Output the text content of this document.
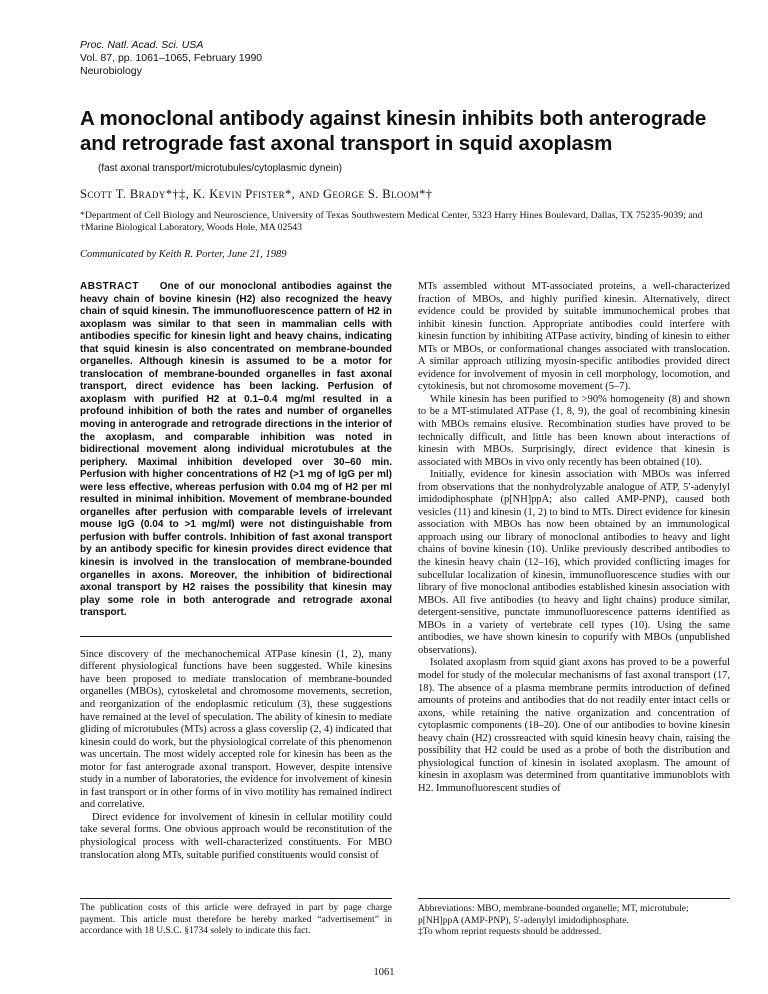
Proc. Natl. Acad. Sci. USA
Vol. 87, pp. 1061–1065, February 1990
Neurobiology
A monoclonal antibody against kinesin inhibits both anterograde and retrograde fast axonal transport in squid axoplasm
(fast axonal transport/microtubules/cytoplasmic dynein)
Scott T. Brady*†‡, K. Kevin Pfister*, and George S. Bloom*†
*Department of Cell Biology and Neuroscience, University of Texas Southwestern Medical Center, 5323 Harry Hines Boulevard, Dallas, TX 75235-9039; and †Marine Biological Laboratory, Woods Hole, MA 02543
Communicated by Keith R. Porter, June 21, 1989

ABSTRACT One of our monoclonal antibodies against the heavy chain of bovine kinesin (H2) also recognized the heavy chain of squid kinesin. The immunofluorescence pattern of H2 in axoplasm was similar to that seen in mammalian cells with antibodies specific for kinesin light and heavy chains, indicating that squid kinesin is also concentrated on membrane-bounded organelles. Although kinesin is assumed to be a motor for translocation of membrane-bounded organelles in fast axonal transport, direct evidence has been lacking. Perfusion of axoplasm with purified H2 at 0.1–0.4 mg/ml resulted in a profound inhibition of both the rates and number of organelles moving in anterograde and retrograde directions in the interior of the axoplasm, and comparable inhibition was noted in bidirectional movement along individual microtubules at the periphery. Maximal inhibition developed over 30–60 min. Perfusion with higher concentrations of H2 (>1 mg of IgG per ml) were less effective, whereas perfusion with 0.04 mg of H2 per ml resulted in minimal inhibition. Movement of membrane-bounded organelles after perfusion with comparable levels of irrelevant mouse IgG (0.04 to >1 mg/ml) were not distinguishable from perfusion with buffer controls. Inhibition of fast axonal transport by an antibody specific for kinesin provides direct evidence that kinesin is involved in the translocation of membrane-bounded organelles in axons. Moreover, the inhibition of bidirectional axonal transport by H2 raises the possibility that kinesin may play some role in both anterograde and retrograde axonal transport.

Since discovery of the mechanochemical ATPase kinesin (1, 2), many different physiological functions have been suggested. While kinesins have been proposed to mediate translocation of membrane-bounded organelles (MBOs), cytoskeletal and chromosome movements, secretion, and reorganization of the endoplasmic reticulum (3), these suggestions have remained at the level of speculation. The ability of kinesin to mediate gliding of microtubules (MTs) across a glass coverslip (2, 4) indicated that kinesin could do work, but the physiological correlate of this phenomenon was uncertain. The most widely accepted role for kinesin has been as the motor for fast anterograde axonal transport. However, despite intensive study in a number of laboratories, the evidence for involvement of kinesin in fast transport or in other forms of in vivo motility has remained indirect and correlative.

Direct evidence for involvement of kinesin in cellular motility could take several forms. One obvious approach would be reconstitution of the physiological process with well-characterized constituents. For MBO translocation along MTs, suitable purified constituents would consist of

MTs assembled without MT-associated proteins, a well-characterized fraction of MBOs, and highly purified kinesin. Alternatively, direct evidence could be provided by suitable immunochemical probes that inhibit kinesin function. Appropriate antibodies could interfere with kinesin function by inhibiting ATPase activity, binding of kinesin to either MTs or MBOs, or conformational changes associated with translocation. A similar approach utilizing myosin-specific antibodies provided direct evidence for involvement of myosin in cell morphology, locomotion, and cytokinesis, but not chromosome movement (5–7).

While kinesin has been purified to >90% homogeneity (8) and shown to be a MT-stimulated ATPase (1, 8, 9), the goal of recombining kinesin with MBOs remains elusive. Recombination studies have proved to be technically difficult, and little has been known about interactions of kinesin with MBOs. Surprisingly, direct evidence that kinesin is associated with MBOs in vivo only recently has been obtained (10).

Initially, evidence for kinesin association with MBOs was inferred from observations that the nonhydrolyzable analogue of ATP, 5′-adenylyl imidodiphosphate (p[NH]ppA; also called AMP-PNP), caused both vesicles (11) and kinesin (1, 2) to bind to MTs. Direct evidence for kinesin association with MBOs has now been obtained by an immunological approach using our library of monoclonal antibodies to heavy and light chains of bovine kinesin (10). Unlike previously described antibodies to the kinesin heavy chain (12–16), which provided conflicting images for subcellular localization of kinesin, immunofluorescence studies with our library of five monoclonal antibodies established kinesin association with MBOs. All five antibodies (to heavy and light chains) produce similar, detergent-sensitive, punctate immunofluorescence patterns identified as MBOs in a variety of vertebrate cell types (10). Using the same antibodies, we have shown kinesin to copurify with MBOs (unpublished observations).

Isolated axoplasm from squid giant axons has proved to be a powerful model for study of the molecular mechanisms of fast axonal transport (17, 18). The absence of a plasma membrane permits introduction of defined amounts of proteins and antibodies that do not readily enter intact cells or axons, while retaining the native organization and concentration of cytoplasmic components (18–20). One of our antibodies to bovine kinesin heavy chain (H2) crossreacted with squid kinesin heavy chain, raising the possibility that H2 could be used as a probe of both the distribution and physiological function of kinesin in isolated axoplasm. The amount of kinesin in axoplasm was determined from quantitative immunoblots with H2. Immunofluorescent studies of

The publication costs of this article were defrayed in part by page charge payment. This article must therefore be hereby marked “advertisement” in accordance with 18 U.S.C. §1734 solely to indicate this fact.
Abbreviations: MBO, membrane-bounded organelle; MT, microtubule; p[NH]ppA (AMP-PNP), 5′-adenylyl imidodiphosphate.
‡To whom reprint requests should be addressed.
1061
